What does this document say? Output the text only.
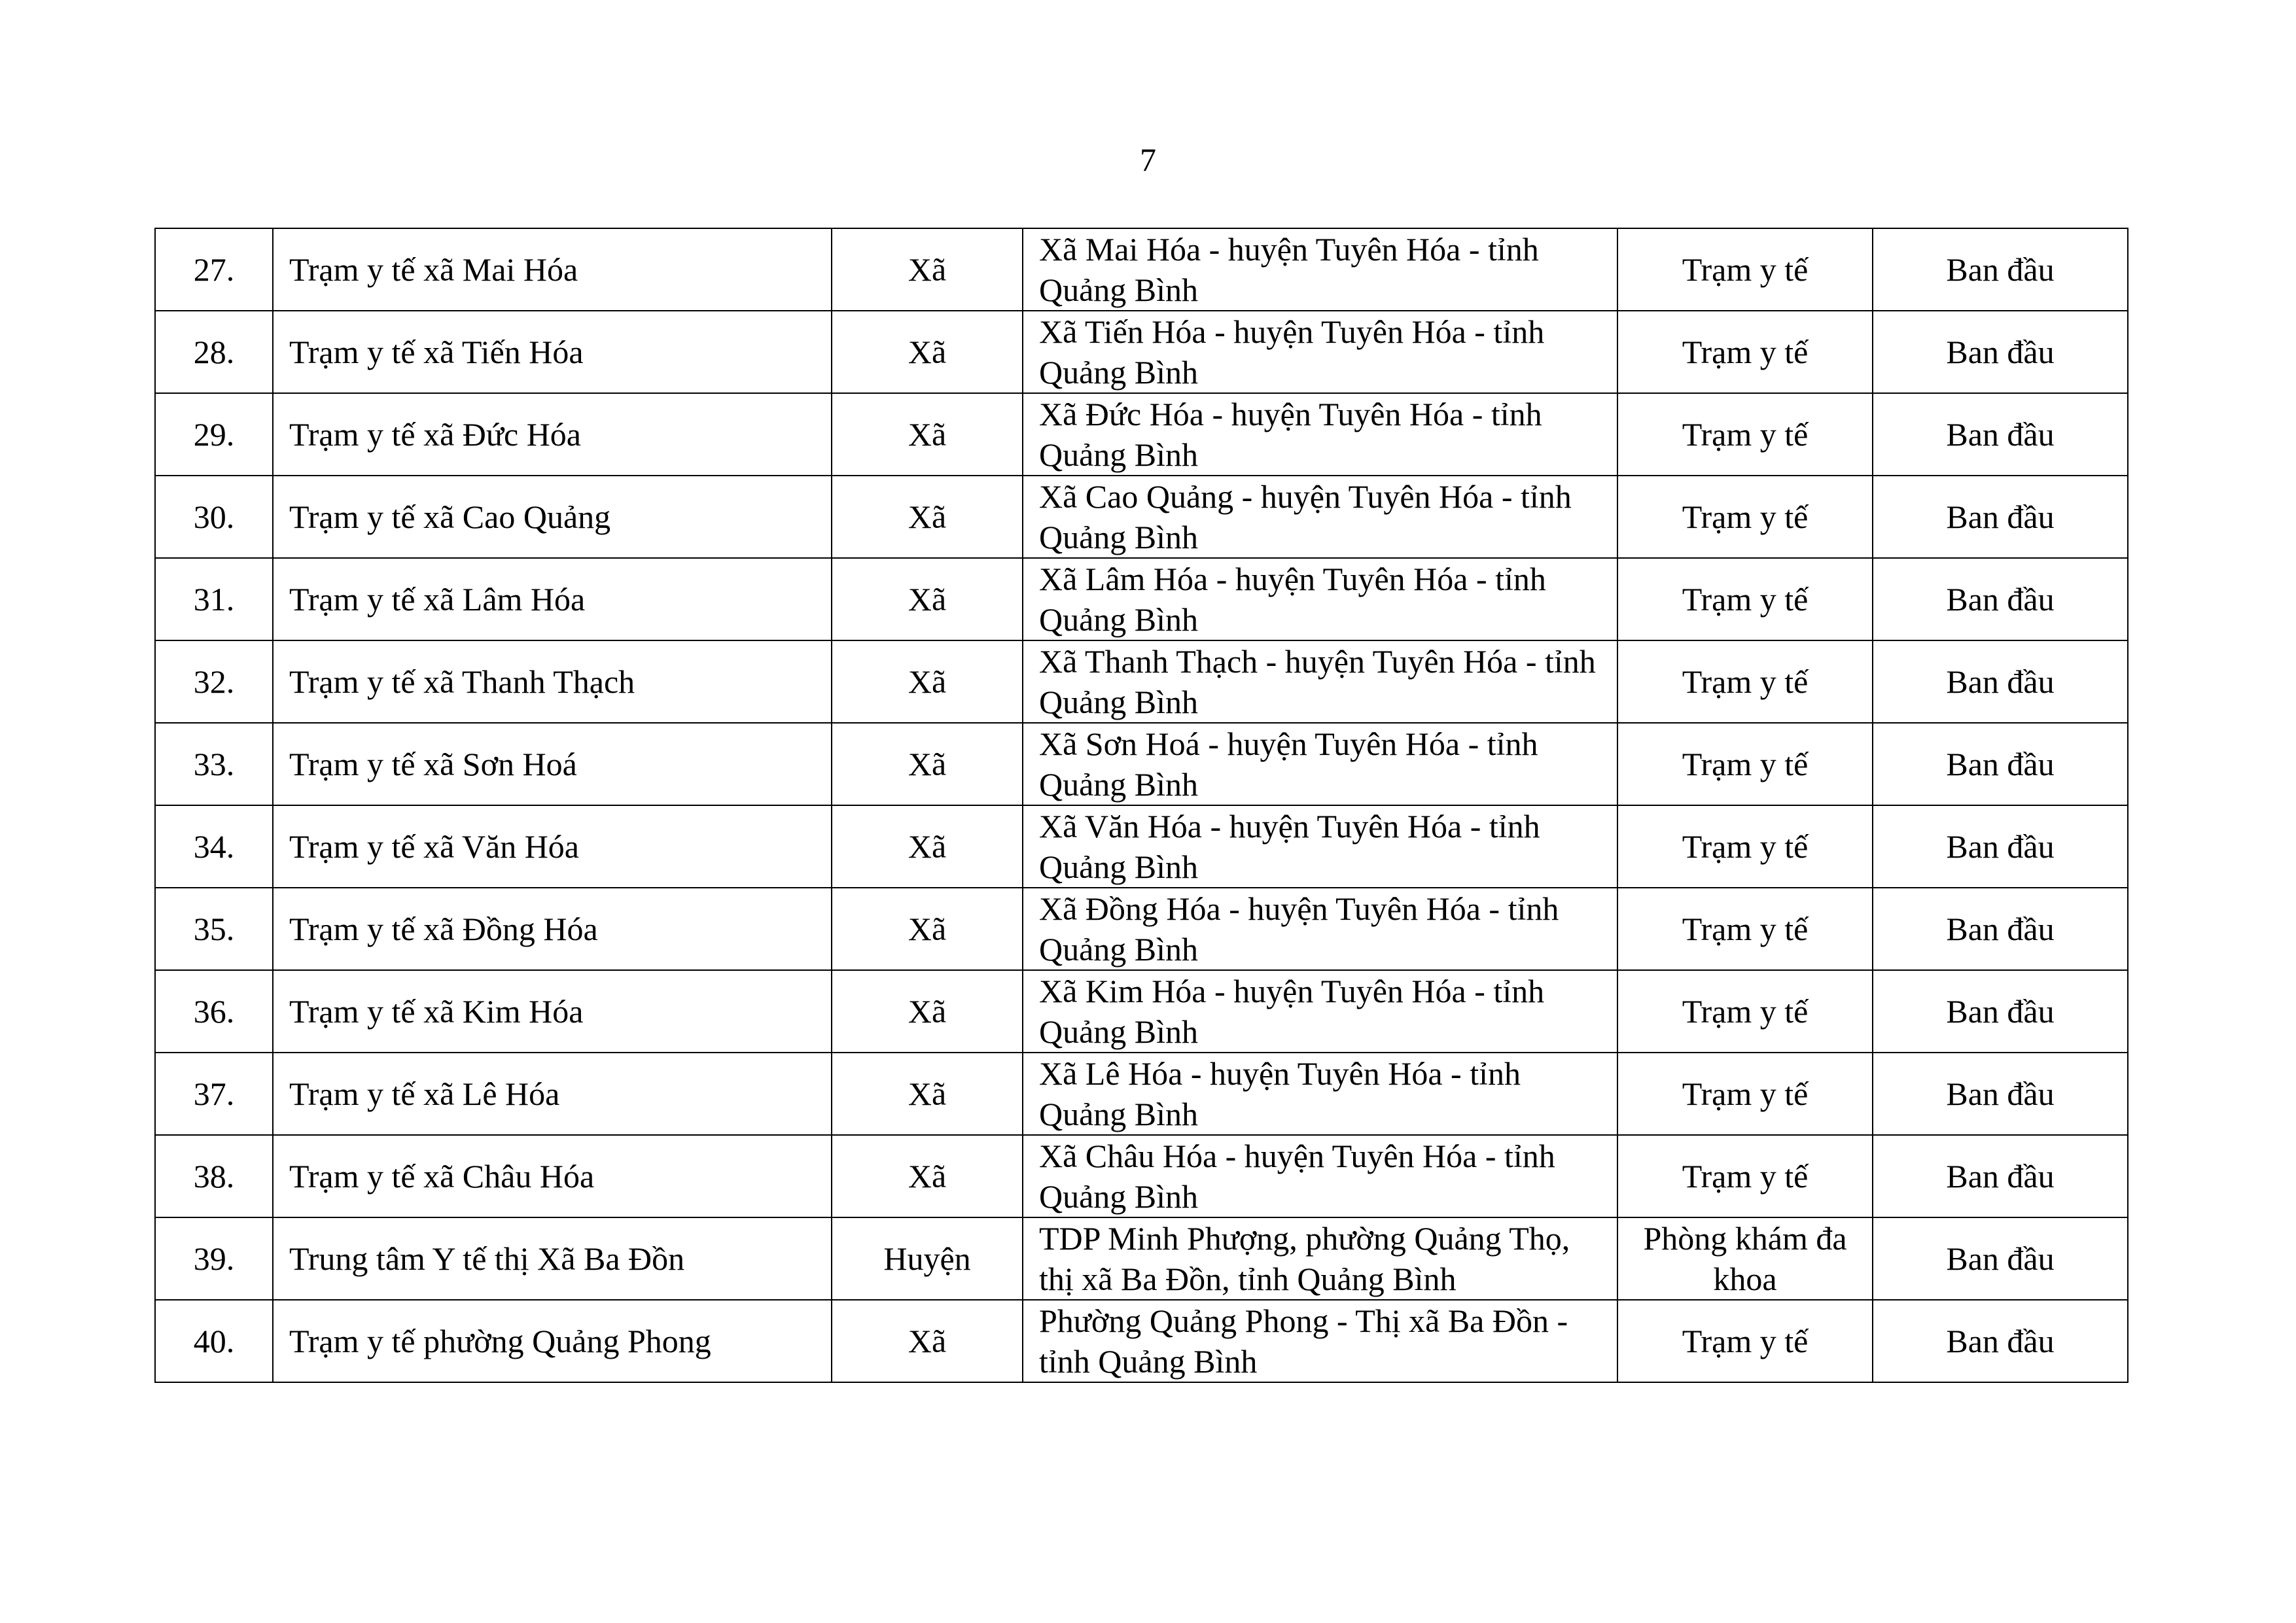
7
27.	Trạm y tế xã Mai Hóa	Xã	Xã Mai Hóa - huyện Tuyên Hóa - tỉnh Quảng Bình	Trạm y tế	Ban đầu
28.	Trạm y tế xã Tiến Hóa	Xã	Xã Tiến Hóa - huyện Tuyên Hóa - tỉnh Quảng Bình	Trạm y tế	Ban đầu
29.	Trạm y tế xã Đức Hóa	Xã	Xã Đức Hóa - huyện Tuyên Hóa - tỉnh Quảng Bình	Trạm y tế	Ban đầu
30.	Trạm y tế xã Cao Quảng	Xã	Xã Cao Quảng - huyện Tuyên Hóa - tỉnh Quảng Bình	Trạm y tế	Ban đầu
31.	Trạm y tế xã Lâm Hóa	Xã	Xã Lâm Hóa - huyện Tuyên Hóa - tỉnh Quảng Bình	Trạm y tế	Ban đầu
32.	Trạm y tế xã Thanh Thạch	Xã	Xã Thanh Thạch - huyện Tuyên Hóa - tỉnh Quảng Bình	Trạm y tế	Ban đầu
33.	Trạm y tế xã Sơn Hoá	Xã	Xã Sơn Hoá - huyện Tuyên Hóa - tỉnh Quảng Bình	Trạm y tế	Ban đầu
34.	Trạm y tế xã Văn Hóa	Xã	Xã Văn Hóa - huyện Tuyên Hóa - tỉnh Quảng Bình	Trạm y tế	Ban đầu
35.	Trạm y tế xã Đồng Hóa	Xã	Xã Đồng Hóa - huyện Tuyên Hóa - tỉnh Quảng Bình	Trạm y tế	Ban đầu
36.	Trạm y tế xã Kim Hóa	Xã	Xã Kim Hóa - huyện Tuyên Hóa - tỉnh Quảng Bình	Trạm y tế	Ban đầu
37.	Trạm y tế xã Lê Hóa	Xã	Xã Lê Hóa - huyện Tuyên Hóa - tỉnh Quảng Bình	Trạm y tế	Ban đầu
38.	Trạm y tế xã Châu Hóa	Xã	Xã Châu Hóa - huyện Tuyên Hóa - tỉnh Quảng Bình	Trạm y tế	Ban đầu
39.	Trung tâm Y tế thị Xã Ba Đồn	Huyện	TDP Minh Phượng, phường Quảng Thọ, thị xã Ba Đồn, tỉnh Quảng Bình	Phòng khám đa khoa	Ban đầu
40.	Trạm y tế phường Quảng Phong	Xã	Phường Quảng Phong - Thị xã Ba Đồn - tỉnh Quảng Bình	Trạm y tế	Ban đầu
